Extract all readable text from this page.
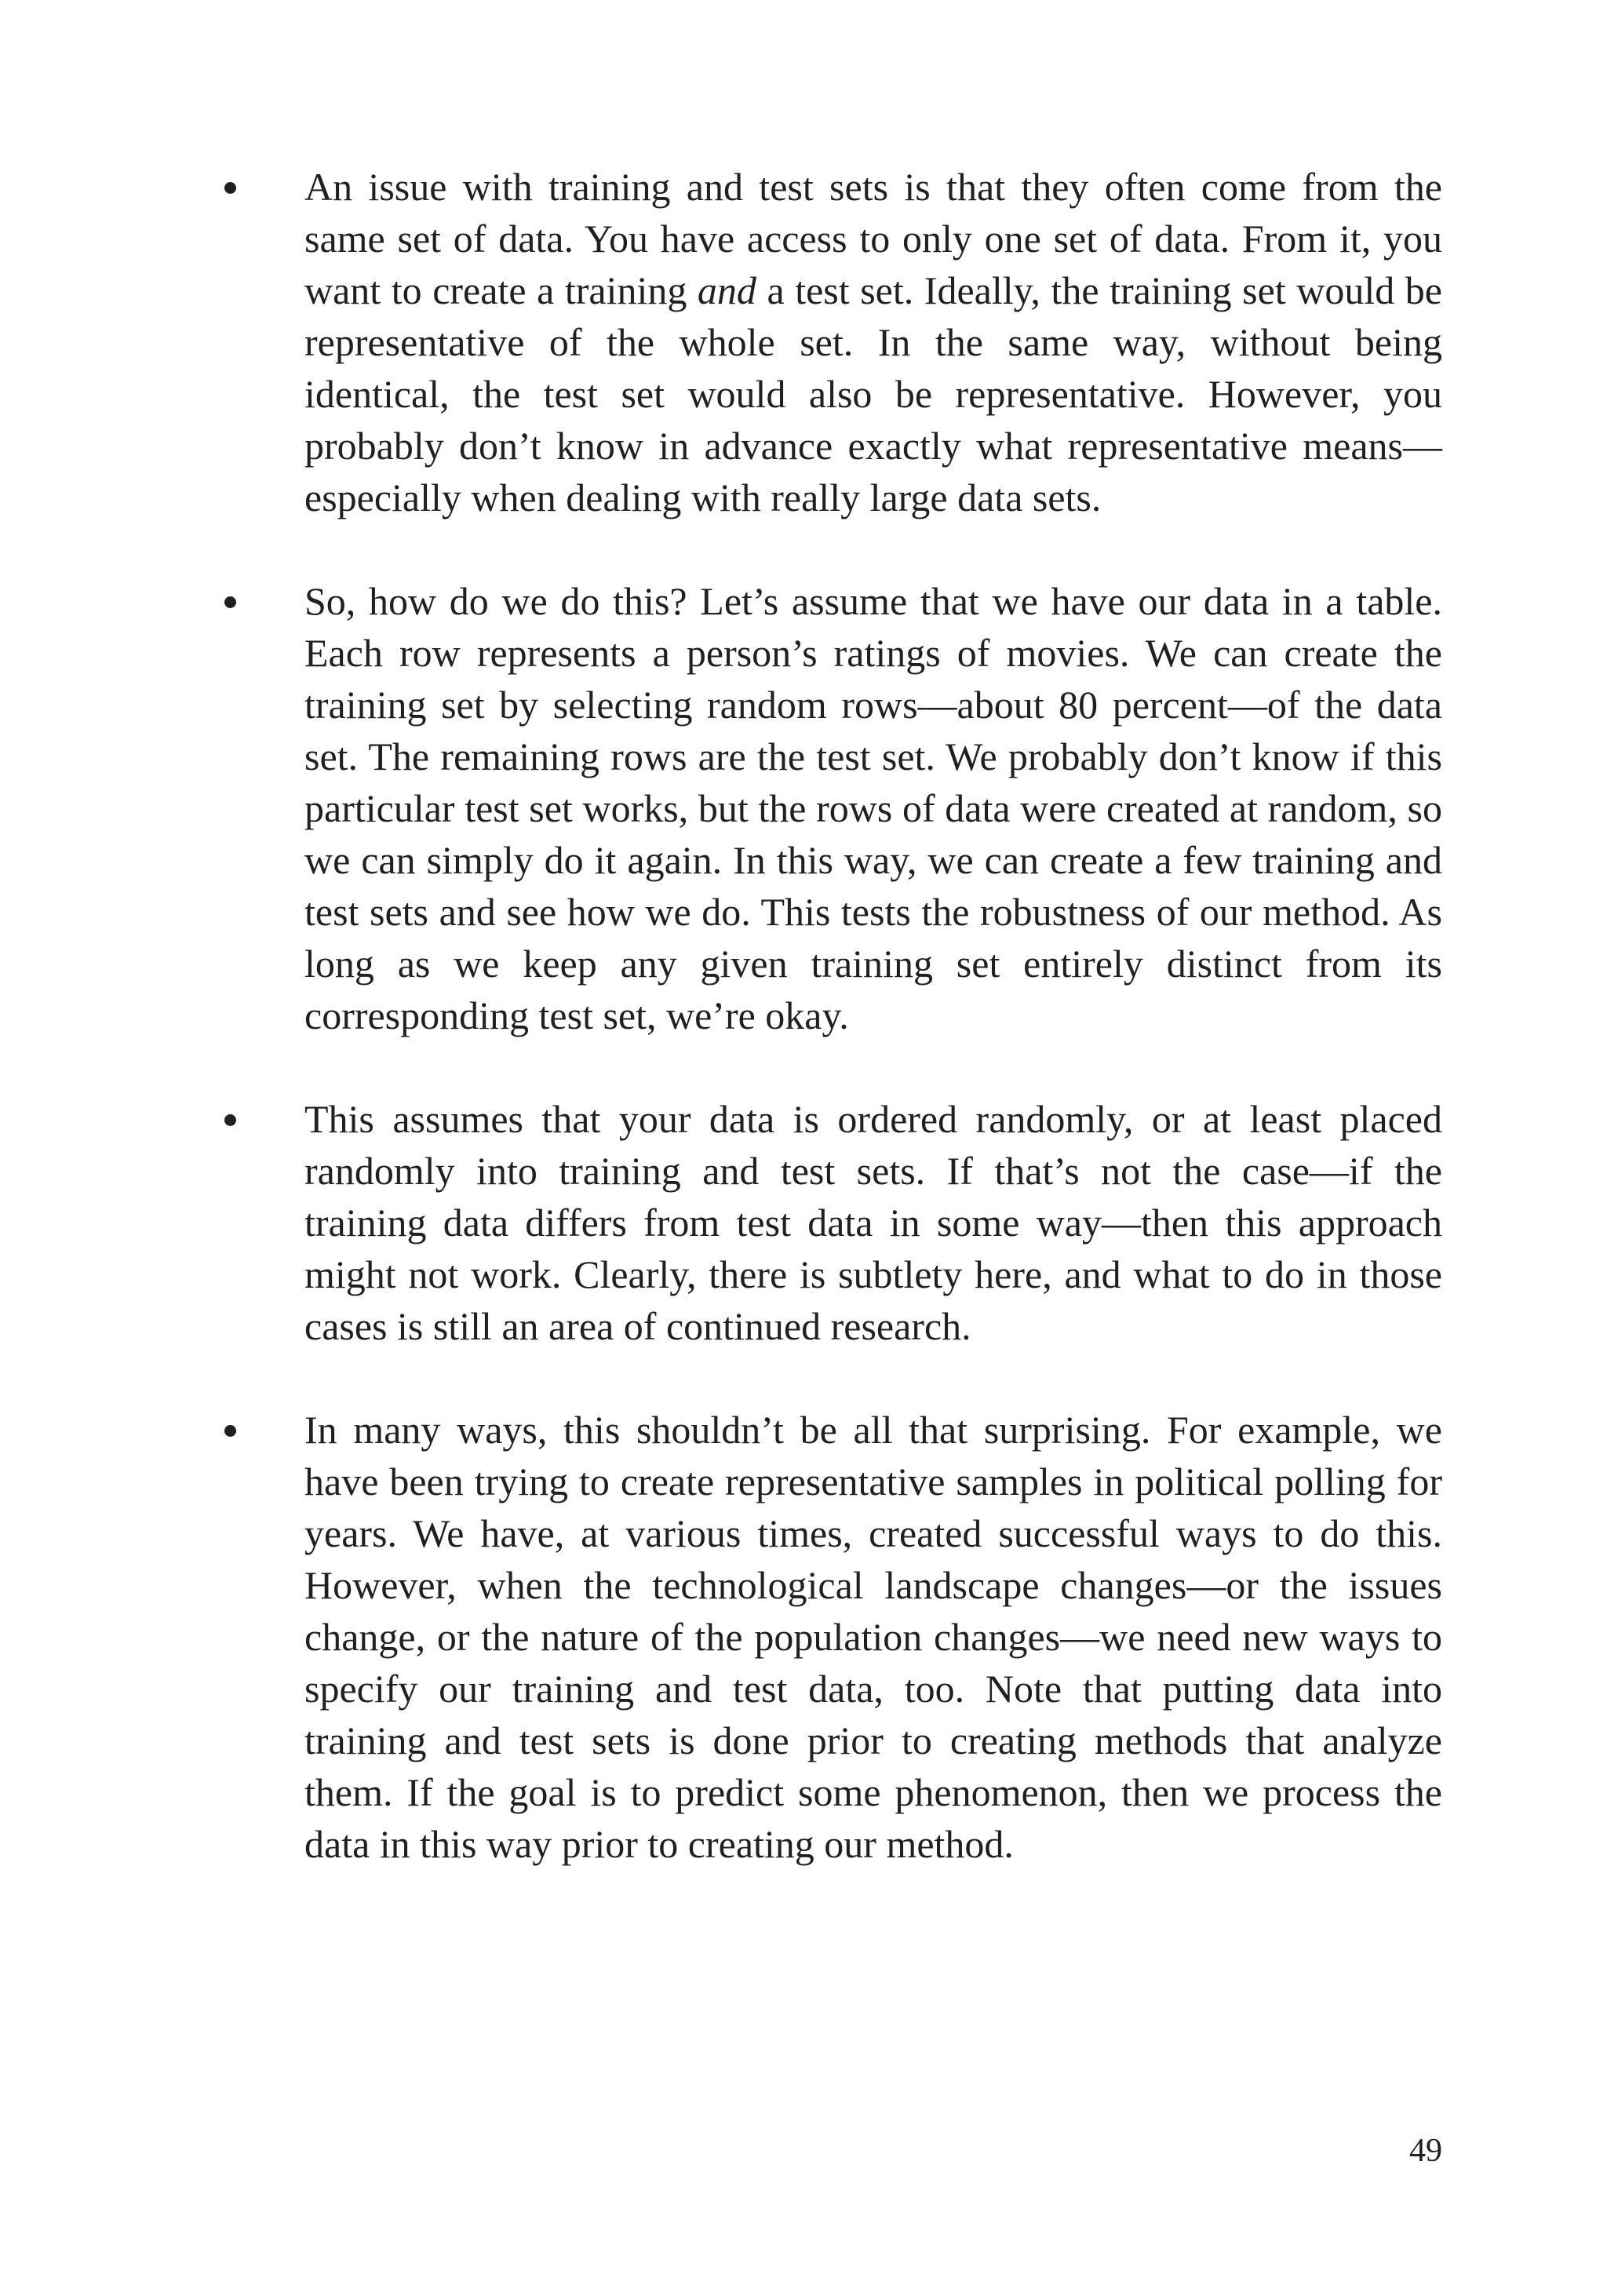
An issue with training and test sets is that they often come from the same set of data. You have access to only one set of data. From it, you want to create a training and a test set. Ideally, the training set would be representative of the whole set. In the same way, without being identical, the test set would also be representative. However, you probably don’t know in advance exactly what representative means—especially when dealing with really large data sets.
So, how do we do this? Let’s assume that we have our data in a table. Each row represents a person’s ratings of movies. We can create the training set by selecting random rows—about 80 percent—of the data set. The remaining rows are the test set. We probably don’t know if this particular test set works, but the rows of data were created at random, so we can simply do it again. In this way, we can create a few training and test sets and see how we do. This tests the robustness of our method. As long as we keep any given training set entirely distinct from its corresponding test set, we’re okay.
This assumes that your data is ordered randomly, or at least placed randomly into training and test sets. If that’s not the case—if the training data differs from test data in some way—then this approach might not work. Clearly, there is subtlety here, and what to do in those cases is still an area of continued research.
In many ways, this shouldn’t be all that surprising. For example, we have been trying to create representative samples in political polling for years. We have, at various times, created successful ways to do this. However, when the technological landscape changes—or the issues change, or the nature of the population changes—we need new ways to specify our training and test data, too. Note that putting data into training and test sets is done prior to creating methods that analyze them. If the goal is to predict some phenomenon, then we process the data in this way prior to creating our method.
49
